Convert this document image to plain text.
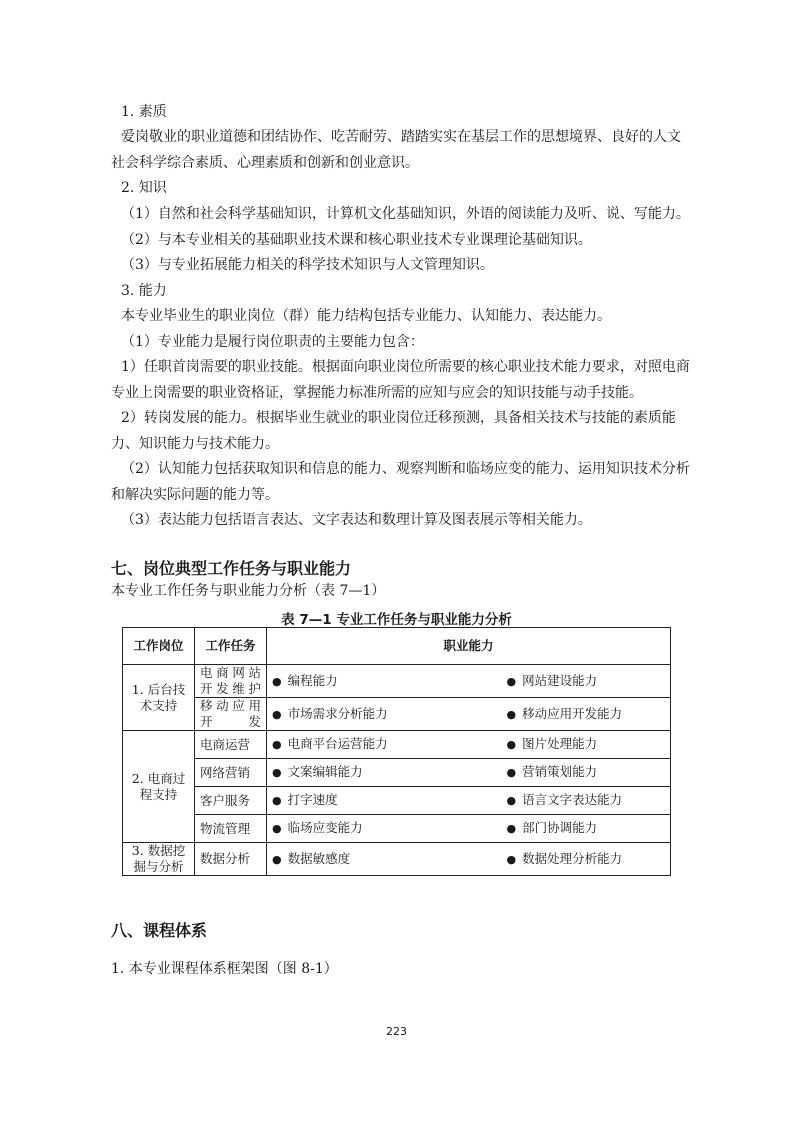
1. 素质

爱岗敬业的职业道德和团结协作、吃苦耐劳、踏踏实实在基层工作的思想境界、良好的人文社会科学综合素质、心理素质和创新和创业意识。

2. 知识

（1）自然和社会科学基础知识，计算机文化基础知识，外语的阅读能力及听、说、写能力。

（2）与本专业相关的基础职业技术课和核心职业技术专业课理论基础知识。

（3）与专业拓展能力相关的科学技术知识与人文管理知识。

3. 能力

本专业毕业生的职业岗位（群）能力结构包括专业能力、认知能力、表达能力。

（1）专业能力是履行岗位职责的主要能力包含：

1）任职首岗需要的职业技能。根据面向职业岗位所需要的核心职业技术能力要求，对照电商专业上岗需要的职业资格证，掌握能力标准所需的应知与应会的知识技能与动手技能。

2）转岗发展的能力。根据毕业生就业的职业岗位迁移预测，具备相关技术与技能的素质能力、知识能力与技术能力。

（2）认知能力包括获取知识和信息的能力、观察判断和临场应变的能力、运用知识技术分析和解决实际问题的能力等。

（3）表达能力包括语言表达、文字表达和数理计算及图表展示等相关能力。

七、岗位典型工作任务与职业能力

本专业工作任务与职业能力分析（表 7—1）

表 7—1 专业工作任务与职业能力分析
工作岗位	工作任务	职业能力	
1. 后台技术支持	电商网站开发维护	● 编程能力	● 网站建设能力
	移动应用开发	● 市场需求分析能力	● 移动应用开发能力
2. 电商过程支持	电商运营	● 电商平台运营能力	● 图片处理能力
	网络营销	● 文案编辑能力	● 营销策划能力
	客户服务	● 打字速度	● 语言文字表达能力
	物流管理	● 临场应变能力	● 部门协调能力
3. 数据挖掘与分析	数据分析	● 数据敏感度	● 数据处理分析能力
八、课程体系

1. 本专业课程体系框架图（图 8-1）

223
